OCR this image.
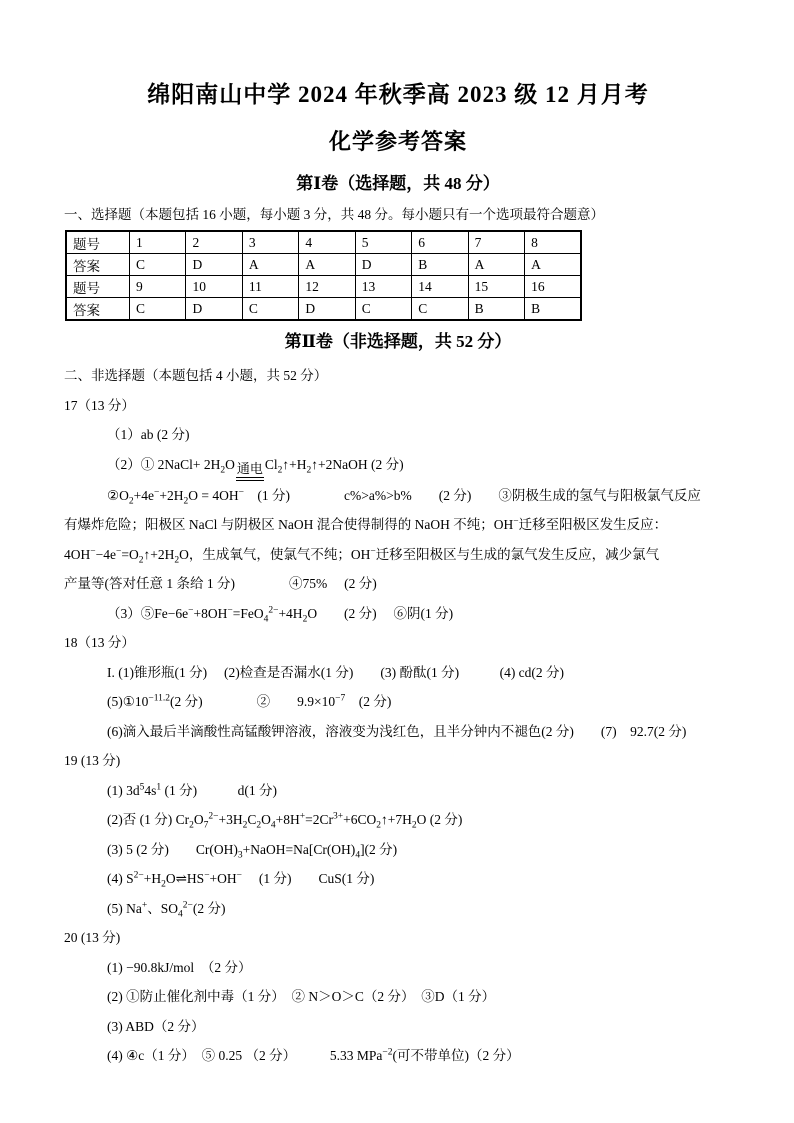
绵阳南山中学 2024 年秋季高 2023 级 12 月月考
化学参考答案
第Ⅰ卷（选择题，共 48 分）

一、选择题（本题包括 16 小题，每小题 3 分，共 48 分。每小题只有一个选项最符合题意）

题号	1	2	3	4	5	6	7	8
答案	C	D	A	A	D	B	A	A
题号	9	10	11	12	13	14	15	16
答案	C	D	C	D	C	C	B	B
第Ⅱ卷（非选择题，共 52 分）

二、非选择题（本题包括 4 小题，共 52 分）

17（13 分）

（1）ab (2 分)

（2）① 2NaCl+ $2H_2O$ 通电 $Cl_2↑+H_2↑+2NaOH$ (2 分)

$②O_2+4e^-+2H_2O = 4OH^-$　(1 分)　　　　c%>a%>b%　　(2 分)　　③阴极生成的氢气与阳极氯气反应

有爆炸危险；阳极区 NaCl 与阴极区 NaOH 混合使得制得的 NaOH 不纯；OH−迁移至阳极区发生反应：

$4OH^--4e^-=O_2↑+2H_2O$，生成氧气，使氯气不纯；OH−迁移至阳极区与生成的氯气发生反应，减少氯气

产量等(答对任意 1 条给 1 分)　　　　④75%　 (2 分)

$(3)⑤Fe-6e^-+8OH^-=FeO_4^{2-}+4H_2O$　　(2 分)　 ⑥阴(1 分)

18（13 分）

I. (1)锥形瓶(1 分)　 (2)检查是否漏水(1 分)　　(3) 酚酞(1 分)　　　(4) cd(2 分)

$(5)①10^{-11.2}(2$ 分)　　　　②　　$9.9\times 10^{-7}$　(2 分)

(6)滴入最后半滴酸性高锰酸钾溶液，溶液变为浅红色，且半分钟内不褪色(2 分)　　(7)　92.7(2 分)

19 (13 分)

(1) $3d^54s^1$ (1 分)　　　d(1 分)

(2)否 (1 分) $Cr_2O_7^{2-}+3H_2C_2O_4+8H^+=2Cr^{3+}+6CO_2↑+7H_2O$ (2 分)

(3) 5 (2 分)　　$Cr(OH)_3+NaOH=Na[Cr(OH)_4](2$ 分)

(4) $S^{2-}+H_2O\rightleftharpoons HS^-+OH^-$　 (1 分)　　CuS(1 分)

(5) Na+、$SO_4^{2-}(2$ 分)

20 (13 分)

(1) −90.8kJ/mol　（2 分）

(2) ①防止催化剂中毒（1 分）　② N＞O＞C（2 分）　③D（1 分）

(3) ABD（2 分）

(4) ④c（1 分）　⑤ 0.25 （2 分）　　　5.33 MPa$^{-2}$(可不带单位)（2 分）
